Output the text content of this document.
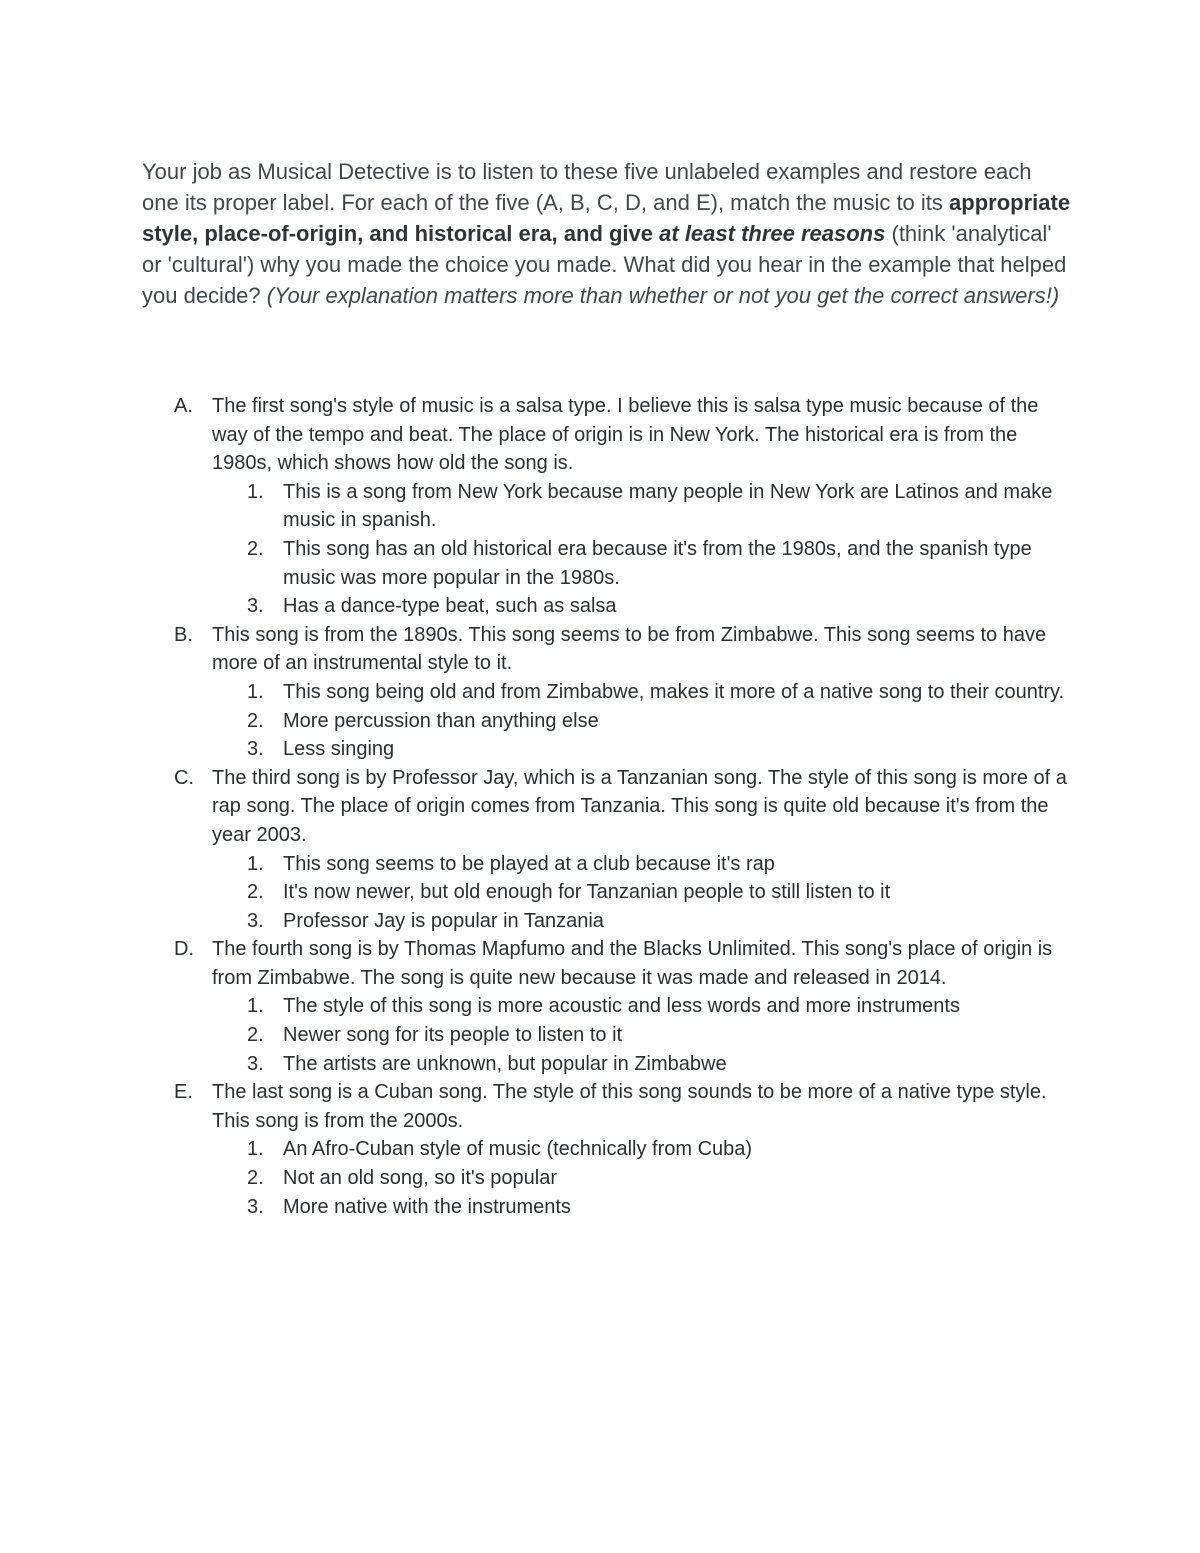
Your job as Musical Detective is to listen to these five unlabeled examples and restore each one its proper label. For each of the five (A, B, C, D, and E), match the music to its appropriate style, place-of-origin, and historical era, and give at least three reasons (think 'analytical' or 'cultural') why you made the choice you made. What did you hear in the example that helped you decide? (Your explanation matters more than whether or not you get the correct answers!)

A. The first song's style of music is a salsa type. I believe this is salsa type music because of the way of the tempo and beat. The place of origin is in New York. The historical era is from the 1980s, which shows how old the song is.
1. This is a song from New York because many people in New York are Latinos and make music in spanish.
2. This song has an old historical era because it's from the 1980s, and the spanish type music was more popular in the 1980s.
3. Has a dance-type beat, such as salsa
B. This song is from the 1890s. This song seems to be from Zimbabwe. This song seems to have more of an instrumental style to it.
1. This song being old and from Zimbabwe, makes it more of a native song to their country.
2. More percussion than anything else
3. Less singing
C. The third song is by Professor Jay, which is a Tanzanian song. The style of this song is more of a rap song. The place of origin comes from Tanzania. This song is quite old because it's from the year 2003.
1. This song seems to be played at a club because it's rap
2. It's now newer, but old enough for Tanzanian people to still listen to it
3. Professor Jay is popular in Tanzania
D. The fourth song is by Thomas Mapfumo and the Blacks Unlimited. This song's place of origin is from Zimbabwe. The song is quite new because it was made and released in 2014.
1. The style of this song is more acoustic and less words and more instruments
2. Newer song for its people to listen to it
3. The artists are unknown, but popular in Zimbabwe
E. The last song is a Cuban song. The style of this song sounds to be more of a native type style. This song is from the 2000s.
1. An Afro-Cuban style of music (technically from Cuba)
2. Not an old song, so it's popular
3. More native with the instruments
